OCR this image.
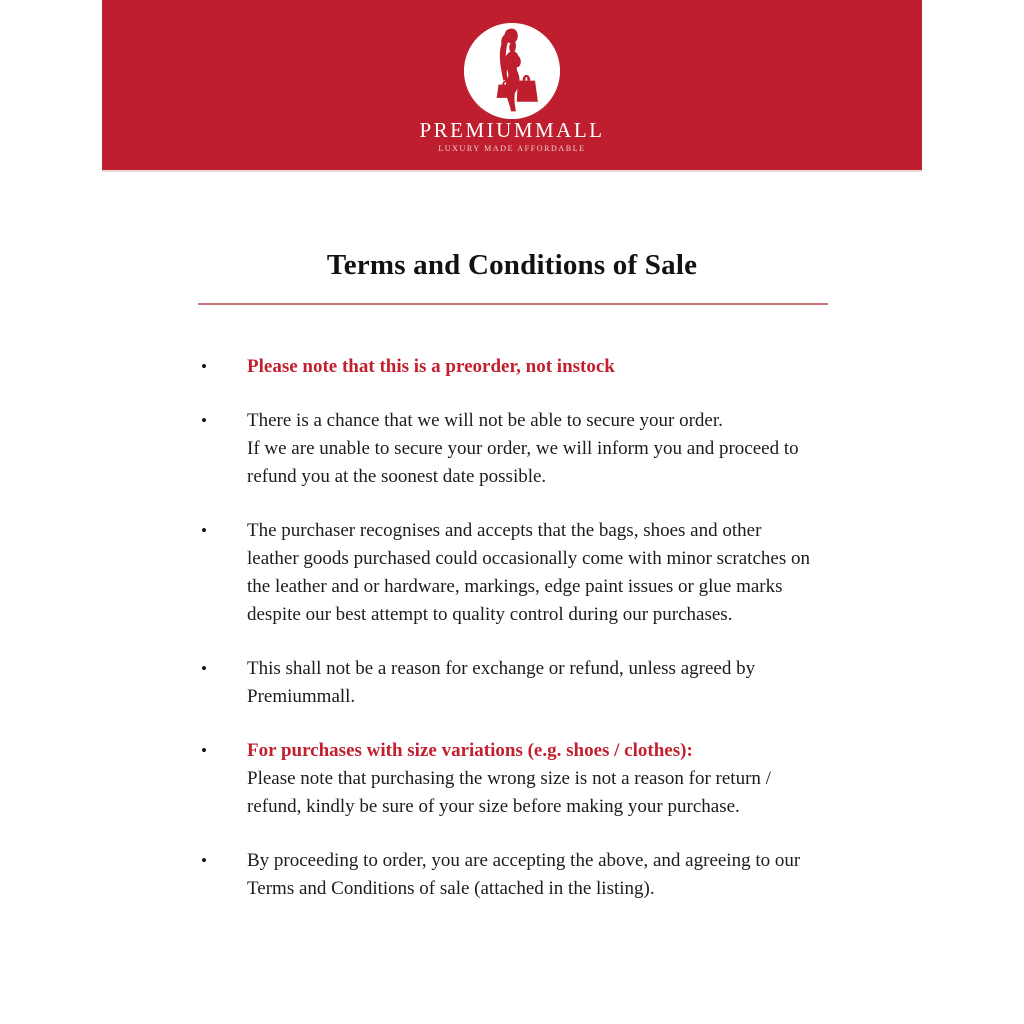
PREMIUMMALL
LUXURY MADE AFFORDABLE
Terms and Conditions of Sale
•	Please note that this is a preorder, not instock
•	There is a chance that we will not be able to secure your order.
If we are unable to secure your order, we will inform you and proceed to
refund you at the soonest date possible.
•	The purchaser recognises and accepts that the bags, shoes and other
leather goods purchased could occasionally come with minor scratches on
the leather and or hardware, markings, edge paint issues or glue marks
despite our best attempt to quality control during our purchases.
•	This shall not be a reason for exchange or refund, unless agreed by
Premiummall.
•	For purchases with size variations (e.g. shoes / clothes):
Please note that purchasing the wrong size is not a reason for return /
refund, kindly be sure of your size before making your purchase.
•	By proceeding to order, you are accepting the above, and agreeing to our
Terms and Conditions of sale (attached in the listing).
